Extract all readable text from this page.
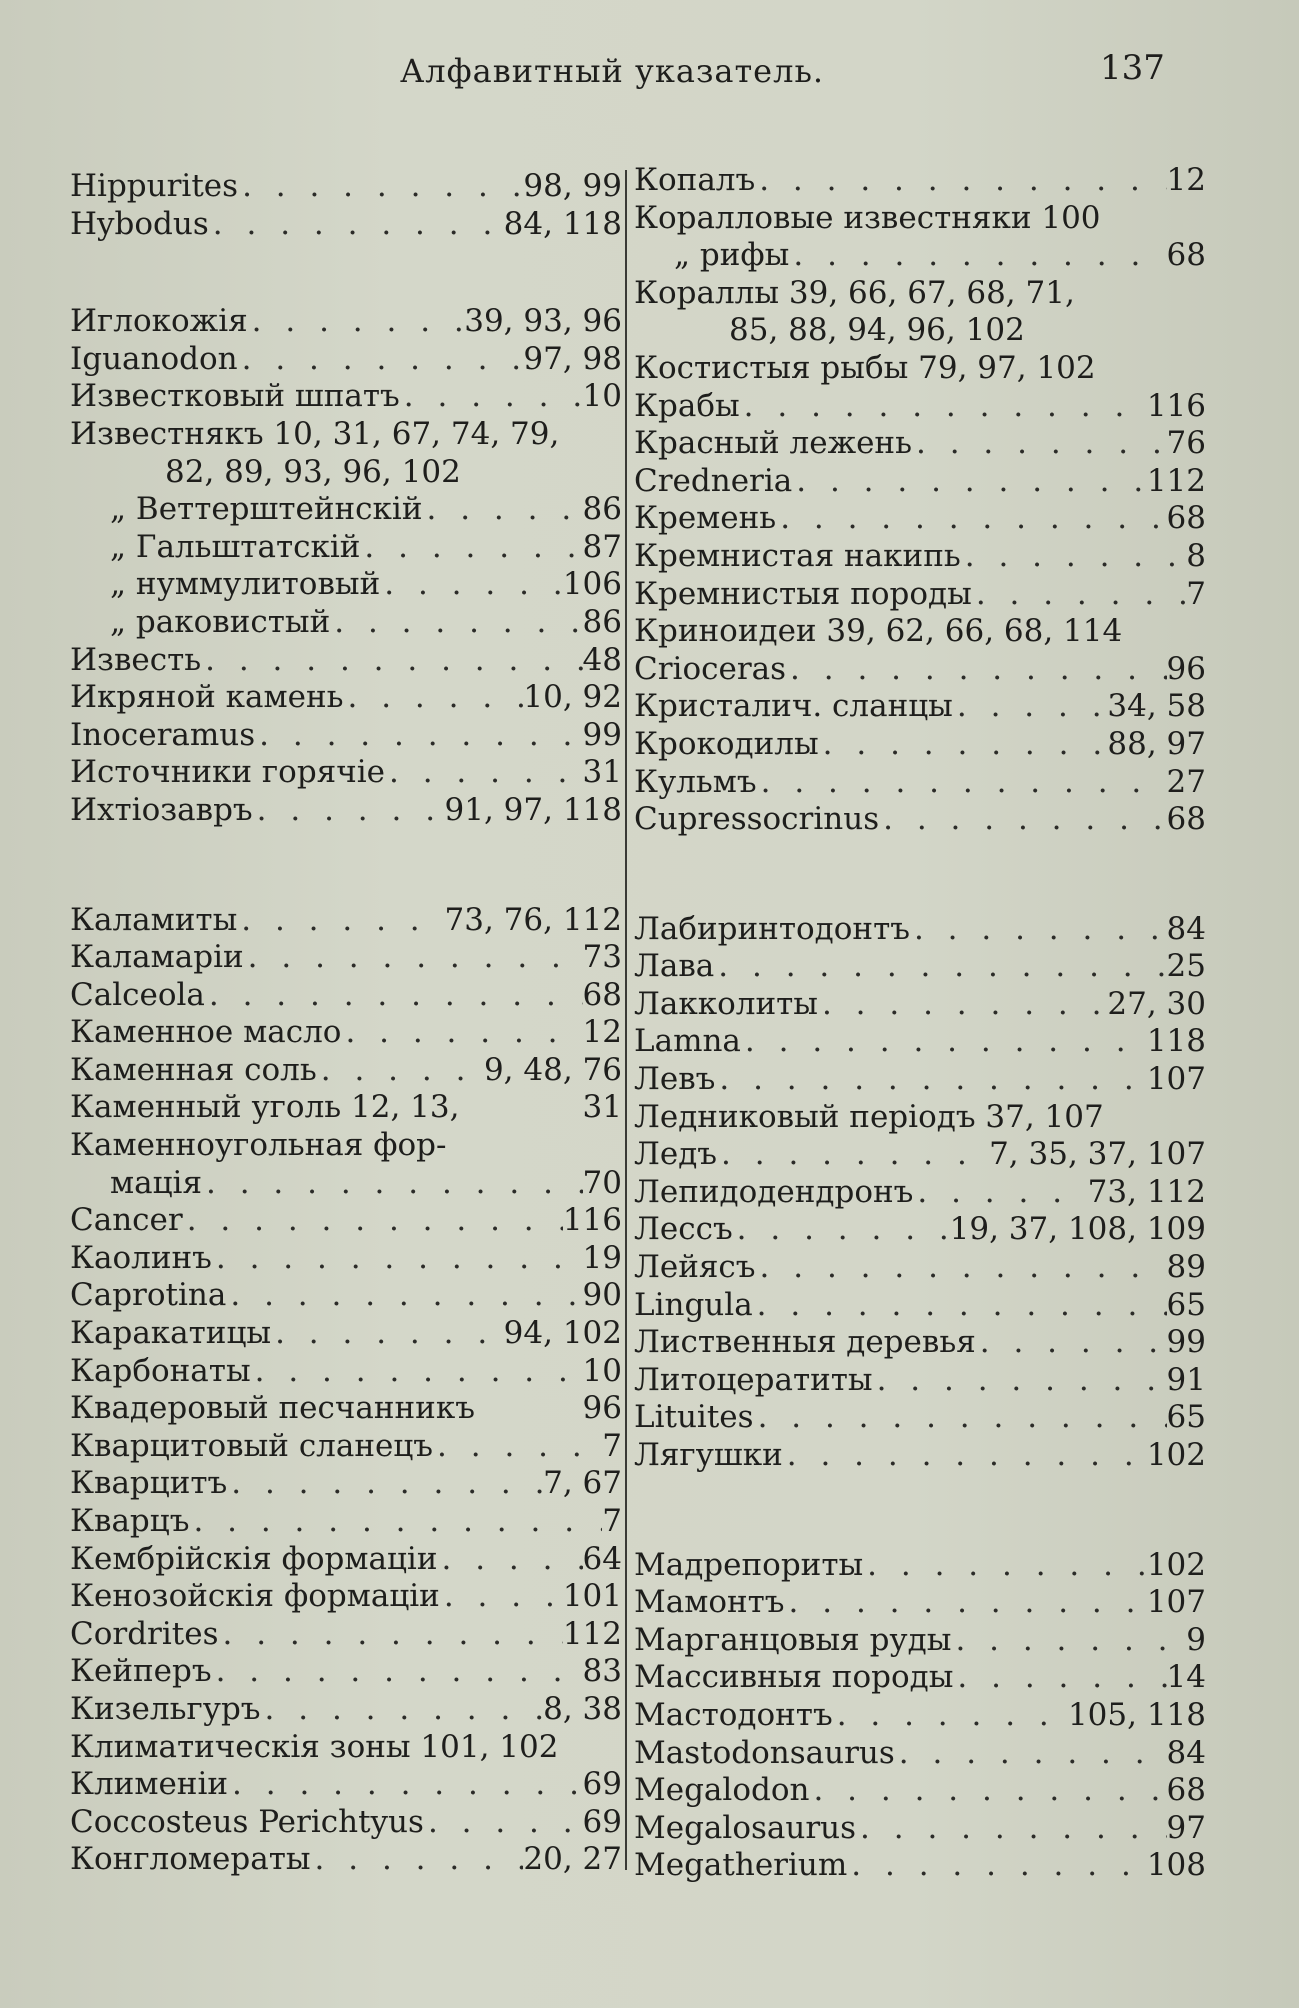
Алфавитный указатель.	137
Hippurites . . .	98, 99
Hybodus . . .	84, 118
Иглокожія . . .	39, 93, 96
Iguanodon . . .	97, 98
Известковый шпатъ . . .	10
Известнякъ 10, 31, 67, 74, 79,
82, 89, 93, 96, 102
„ Веттерштейнскій . . .	86
„ Гальштатскій . . .	87
„ нуммулитовый . . .	106
„ раковистый . . .	86
Известь . . .	48
Икряной камень . . .	10, 92
Inoceramus . . .	99
Источники горячіе . . .	31
Ихтіозавръ . . .	91, 97, 118
Каламиты . . .	73, 76, 112
Каламаріи . . .	73
Calceola . . .	68
Каменное масло . . .	12
Каменная соль . . .	9, 48, 76
Каменный уголь 12, 13,	31
Каменноугольная фор-
мація . . .	70
Cancer . . .	116
Каолинъ . . .	19
Caprotina . . .	90
Каракатицы . . .	94, 102
Карбонаты . . .	10
Квадеровый песчанникъ	96
Кварцитовый сланецъ . . .	7
Кварцитъ . . .	7, 67
Кварцъ . . .	7
Кембрійскія формаціи . . .	64
Кенозойскія формаціи . . .	101
Cordrites . . .	112
Кейперъ . . .	83
Кизельгуръ . . .	8, 38
Климатическія зоны 101, 102
Клименіи . . .	69
Coccosteus Perichtyus . . .	69
Конгломераты . . .	20, 27
Копалъ . . .	12
Коралловые известняки 100
„ рифы . . .	68
Кораллы 39, 66, 67, 68, 71,
85, 88, 94, 96, 102
Костистыя рыбы 79, 97, 102
Крабы . . .	116
Красный лежень . . .	76
Credneria . . .	112
Кремень . . .	68
Кремнистая накипь . . .	8
Кремнистыя породы . . .	7
Криноидеи 39, 62, 66, 68, 114
Crioceras . . .	96
Кристалич. сланцы . . .	34, 58
Крокодилы . . .	88, 97
Кульмъ . . .	27
Cupressocrinus . . .	68
Лабиринтодонтъ . . .	84
Лава . . .	25
Лакколиты . . .	27, 30
Lamna . . .	118
Левъ . . .	107
Ледниковый періодъ 37, 107
Ледъ . . .	7, 35, 37, 107
Лепидодендронъ . . .	73, 112
Лессъ . . .	19, 37, 108, 109
Лейясъ . . .	89
Lingula . . .	65
Лиственныя деревья . . .	99
Литоцератиты . . .	91
Lituites . . .	65
Лягушки . . .	102
Мадрепориты . . .	102
Мамонтъ . . .	107
Марганцовыя руды . . .	9
Массивныя породы . . .	14
Мастодонтъ . . .	105, 118
Mastodonsaurus . . .	84
Megalodon . . .	68
Megalosaurus . . .	97
Megatherium . . .	108
